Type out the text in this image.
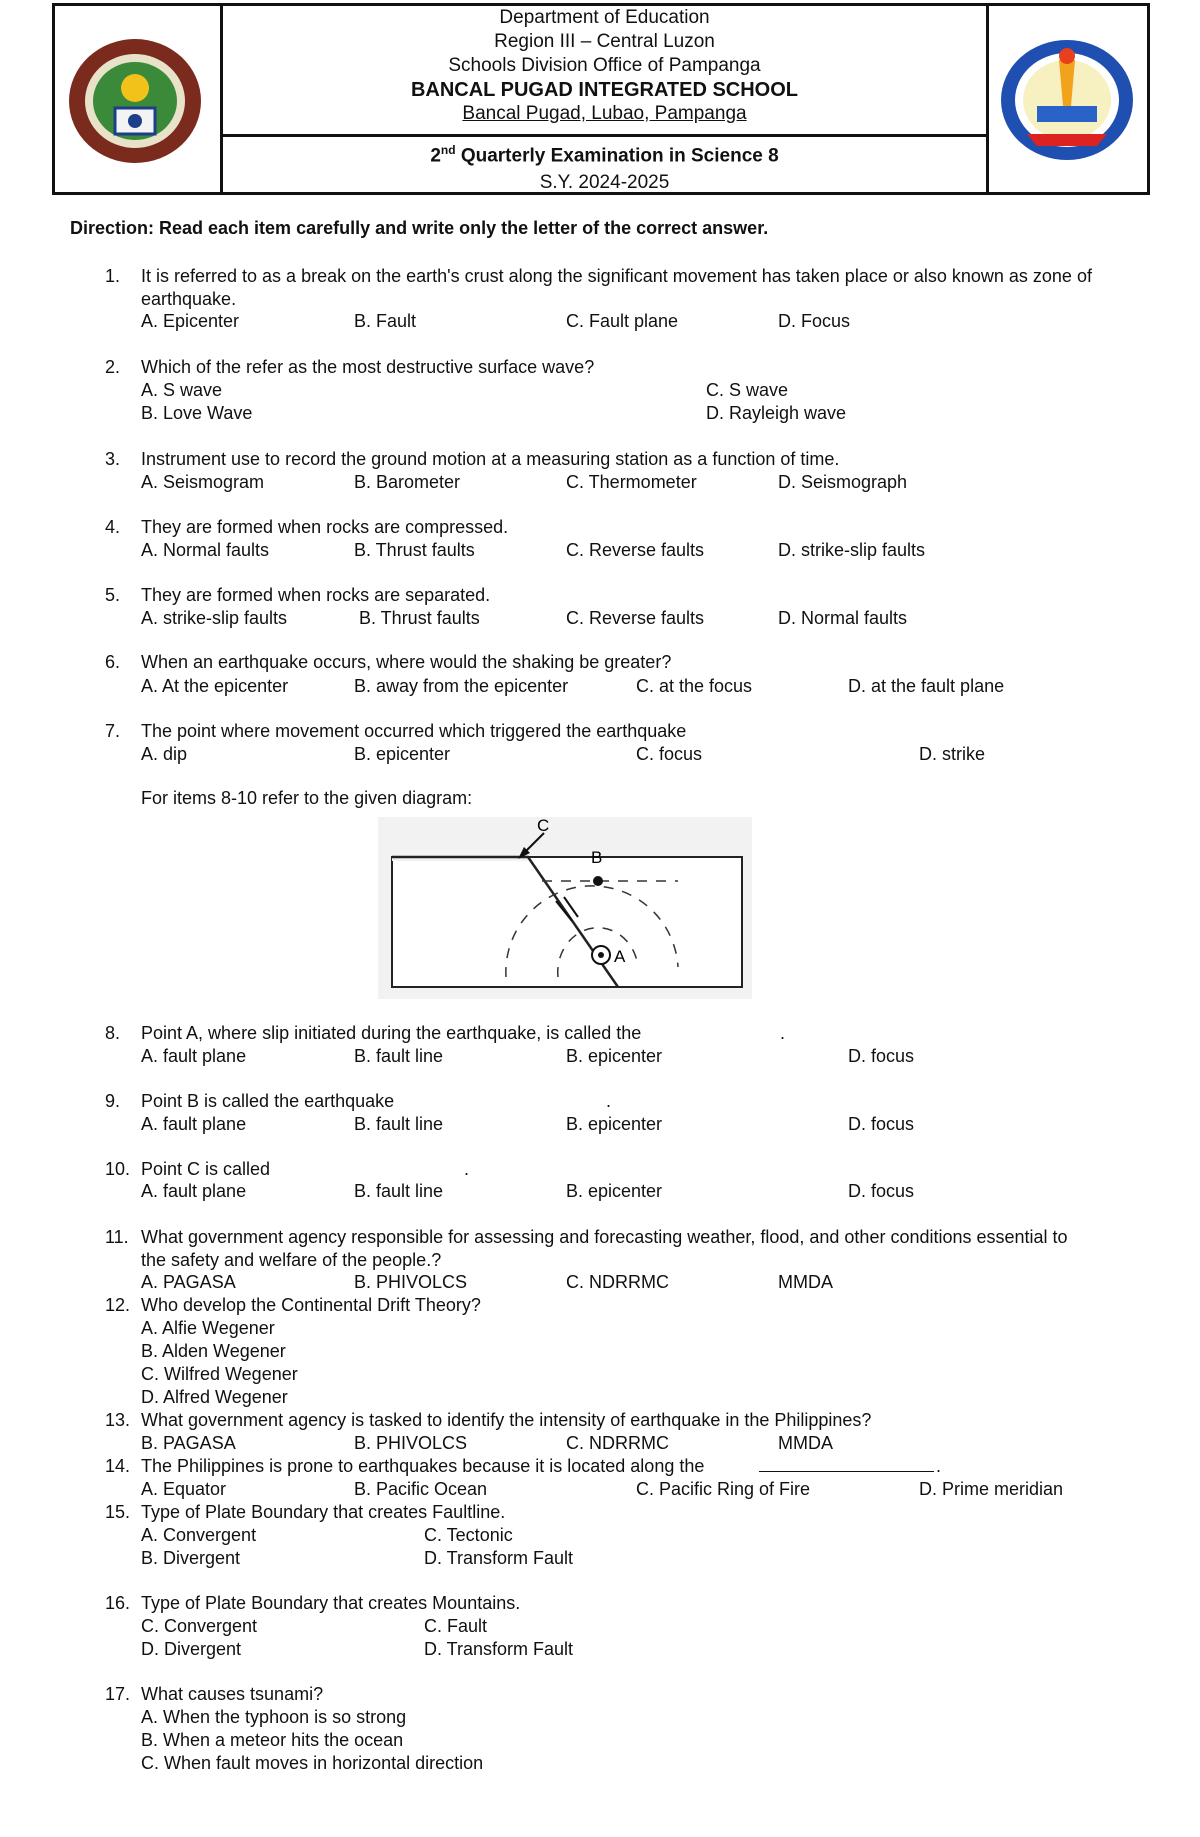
Department of Education
Region III – Central Luzon
Schools Division Office of Pampanga
BANCAL PUGAD INTEGRATED SCHOOL
Bancal Pugad, Lubao, Pampanga
2nd Quarterly Examination in Science 8
S.Y. 2024-2025
Direction: Read each item carefully and write only the letter of the correct answer.
1. It is referred to as a break on the earth's crust along the significant movement has taken place or also known as zone of earthquake.
A. Epicenter	B. Fault	C. Fault plane	D. Focus
2. Which of the refer as the most destructive surface wave?
A. S wave	C. S wave
B. Love Wave	D. Rayleigh wave
3. Instrument use to record the ground motion at a measuring station as a function of time.
A. Seismogram	B. Barometer	C. Thermometer	D. Seismograph
4. They are formed when rocks are compressed.
A. Normal faults	B. Thrust faults	C. Reverse faults	D. strike-slip faults
5. They are formed when rocks are separated.
A. strike-slip faults	B. Thrust faults	C. Reverse faults	D. Normal faults
6. When an earthquake occurs, where would the shaking be greater?
A. At the epicenter	B. away from the epicenter	C. at the focus	D. at the fault plane
7. The point where movement occurred which triggered the earthquake
A. dip	B. epicenter	C. focus	D. strike
For items 8-10 refer to the given diagram:
C
B
A
8. Point A, where slip initiated during the earthquake, is called the	.
A. fault plane	B. fault line	B. epicenter	D. focus
9. Point B is called the earthquake	.
A. fault plane	B. fault line	B. epicenter	D. focus
10. Point C is called	.
A. fault plane	B. fault line	B. epicenter	D. focus
11. What government agency responsible for assessing and forecasting weather, flood, and other conditions essential to the safety and welfare of the people.?
A. PAGASA	B. PHIVOLCS	C. NDRRMC	MMDA
12. Who develop the Continental Drift Theory?
A. Alfie Wegener
B. Alden Wegener
C. Wilfred Wegener
D. Alfred Wegener
13. What government agency is tasked to identify the intensity of earthquake in the Philippines?
B. PAGASA	B. PHIVOLCS	C. NDRRMC	MMDA
14. The Philippines is prone to earthquakes because it is located along the	.
A. Equator	B. Pacific Ocean	C. Pacific Ring of Fire	D. Prime meridian
15. Type of Plate Boundary that creates Faultline.
A. Convergent	C. Tectonic
B. Divergent	D. Transform Fault
16. Type of Plate Boundary that creates Mountains.
C. Convergent	C. Fault
D. Divergent	D. Transform Fault
17. What causes tsunami?
A. When the typhoon is so strong
B. When a meteor hits the ocean
C. When fault moves in horizontal direction
